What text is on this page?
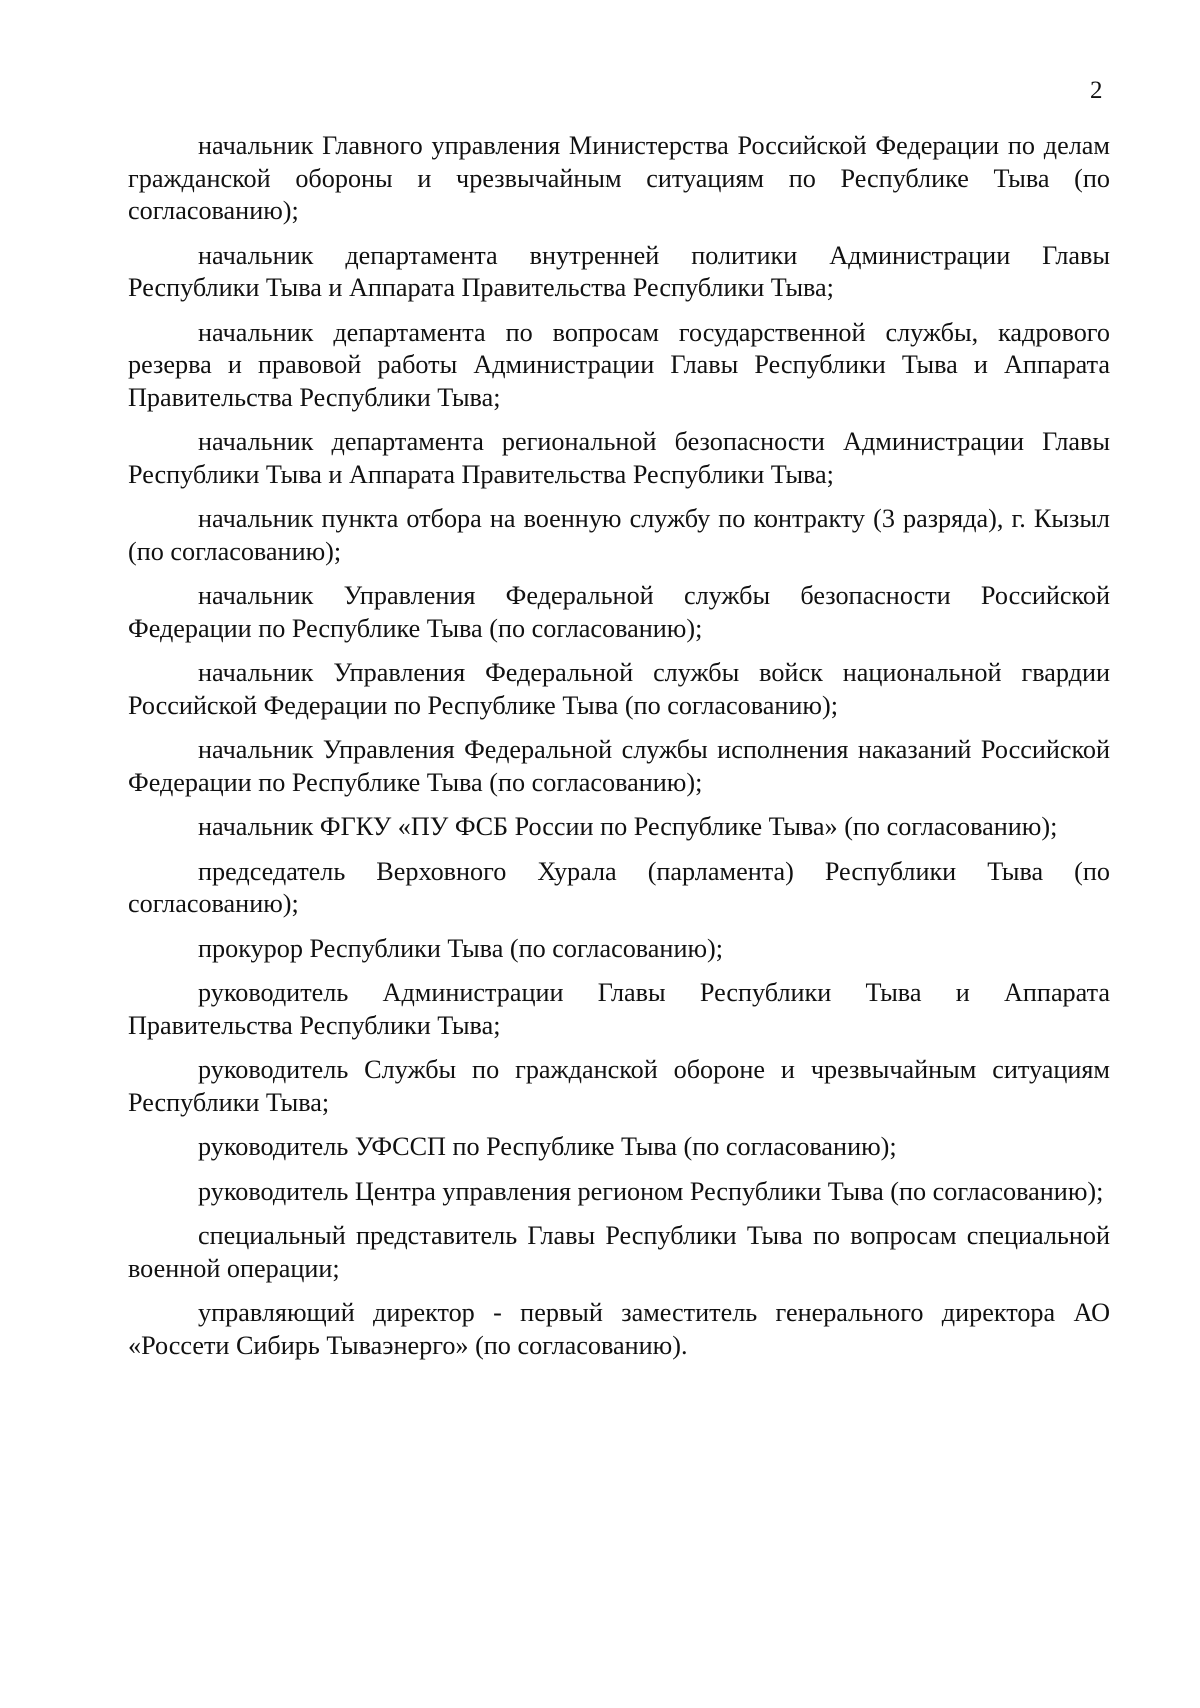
2

начальник Главного управления Министерства Российской Федерации по делам гражданской обороны и чрезвычайным ситуациям по Республике Тыва (по согласованию);

начальник департамента внутренней политики Администрации Главы Республики Тыва и Аппарата Правительства Республики Тыва;

начальник департамента по вопросам государственной службы, кадрового резерва и правовой работы Администрации Главы Республики Тыва и Аппарата Правительства Республики Тыва;

начальник департамента региональной безопасности Администрации Главы Республики Тыва и Аппарата Правительства Республики Тыва;

начальник пункта отбора на военную службу по контракту (3 разряда), г. Кызыл (по согласованию);

начальник Управления Федеральной службы безопасности Российской Федерации по Республике Тыва (по согласованию);

начальник Управления Федеральной службы войск национальной гвардии Российской Федерации по Республике Тыва (по согласованию);

начальник Управления Федеральной службы исполнения наказаний Российской Федерации по Республике Тыва (по согласованию);

начальник ФГКУ «ПУ ФСБ России по Республике Тыва» (по согласованию);

председатель Верховного Хурала (парламента) Республики Тыва (по согласованию);

прокурор Республики Тыва (по согласованию);

руководитель Администрации Главы Республики Тыва и Аппарата Правительства Республики Тыва;

руководитель Службы по гражданской обороне и чрезвычайным ситуациям Республики Тыва;

руководитель УФССП по Республике Тыва (по согласованию);

руководитель Центра управления регионом Республики Тыва (по согласованию);

специальный представитель Главы Республики Тыва по вопросам специальной военной операции;

управляющий директор - первый заместитель генерального директора АО «Россети Сибирь Тываэнерго» (по согласованию).
